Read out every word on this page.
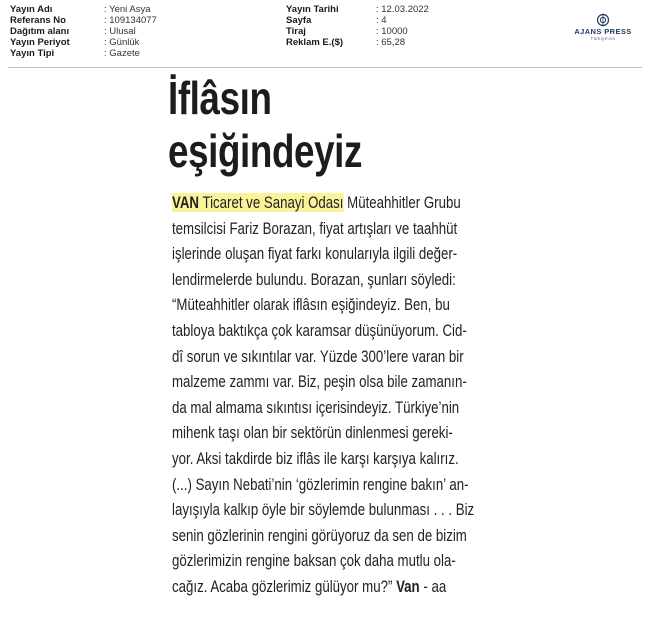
Yayın Adı	: Yeni Asya
Referans No	: 109134077
Dağıtım alanı	: Ulusal
Yayın Periyot	: Günlük
Yayın Tipi	: Gazete
Yayın Tarihi	: 12.03.2022
Sayfa	: 4
Tiraj	: 10000
Reklam E.($)	: 65,28
AJANS PRESS
Türkiye'nin
İflâsın
eşiğindeyiz
VAN Ticaret ve Sanayi Odası Müteahhitler Grubu
temsilcisi Fariz Borazan, fiyat artışları ve taahhüt
işlerinde oluşan fiyat farkı konularıyla ilgili değer-
lendirmelerde bulundu. Borazan, şunları söyledi:
“Müteahhitler olarak iflâsın eşiğindeyiz. Ben, bu
tabloya baktıkça çok karamsar düşünüyorum. Cid-
dî sorun ve sıkıntılar var. Yüzde 300’lere varan bir
malzeme zammı var. Biz, peşin olsa bile zamanın-
da mal almama sıkıntısı içerisindeyiz. Türkiye’nin
mihenk taşı olan bir sektörün dinlenmesi gereki-
yor. Aksi takdirde biz iflâs ile karşı karşıya kalırız.
(...) Sayın Nebati’nin ‘gözlerimin rengine bakın’ an-
layışıyla kalkıp öyle bir söylemde bulunması . . . Biz
senin gözlerinin rengini görüyoruz da sen de bizim
gözlerimizin rengine baksan çok daha mutlu ola-
cağız. Acaba gözlerimiz gülüyor mu?” Van - aa
